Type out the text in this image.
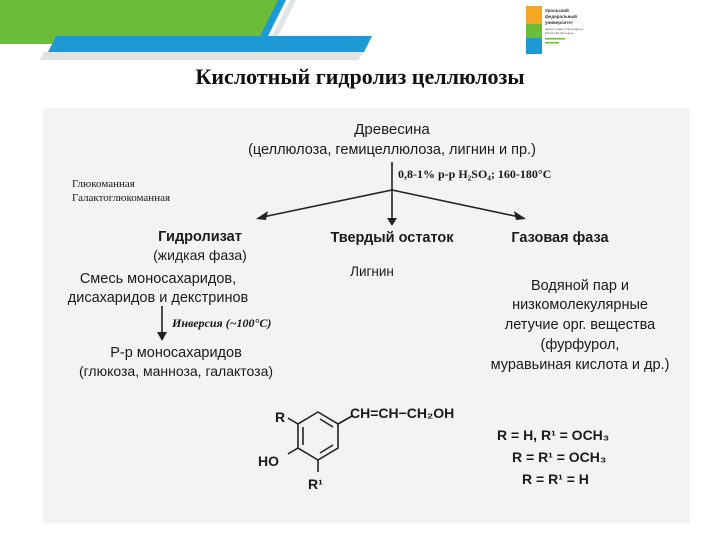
Уральский
федеральный
университет
имени первого Президента
России Б.Н.Ельцина
Кислотный гидролиз целлюлозы
Древесина
(целлюлоза, гемицеллюлоза, лигнин и пр.)
0,8-1% р-р H₂SO₄; 160-180°C
Глюкоманная
Галактоглюкоманная
Гидролизат
(жидкая фаза)
Смесь моносахаридов,
дисахаридов и декстринов
Инверсия (~100°C)
Р-р моносахаридов
(глюкоза, манноза, галактоза)
Твердый остаток
Лигнин
Газовая фаза
Водяной пар и
низкомолекулярные
летучие орг. вещества
(фурфурол,
муравьиная кислота и др.)
R
HO
R¹
CH=CH−CH₂OH
R = H, R¹ = OCH₃
R = R¹ = OCH₃
R = R¹ = H
